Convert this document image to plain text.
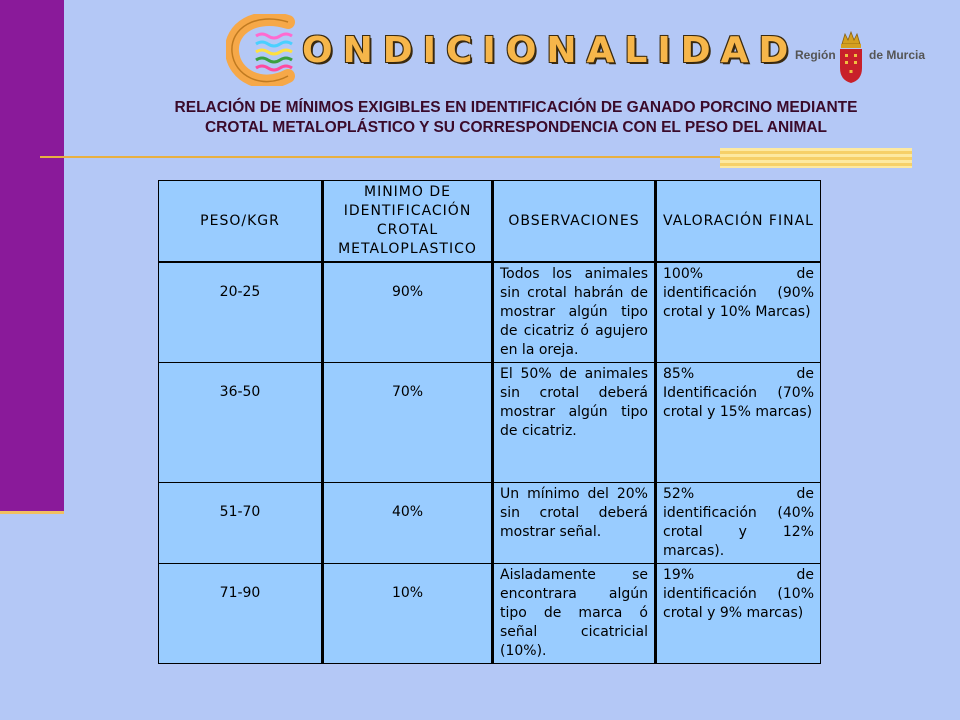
ONDICIONALIDAD
Región	de Murcia
RELACIÓN DE MÍNIMOS EXIGIBLES EN IDENTIFICACIÓN DE GANADO PORCINO MEDIANTE
CROTAL METALOPLÁSTICO Y SU CORRESPONDENCIA CON EL PESO DEL ANIMAL
PESO/KGR	MINIMO DE IDENTIFICACIÓN CROTAL METALOPLASTICO	OBSERVACIONES	VALORACIÓN FINAL
20-25	90%	Todos los animales sin crotal habrán de mostrar algún tipo de cicatriz ó agujero en la oreja.	100% de identificación (90% crotal y 10% Marcas)
36-50	70%	El 50% de animales sin crotal deberá mostrar algún tipo de cicatriz.	85% de Identificación (70% crotal y 15% marcas)
51-70	40%	Un mínimo del 20% sin crotal deberá mostrar señal.	52% de identificación (40% crotal y 12% marcas).
71-90	10%	Aisladamente se encontrara algún tipo de marca ó señal cicatricial (10%).	19% de identificación (10% crotal y 9% marcas)
